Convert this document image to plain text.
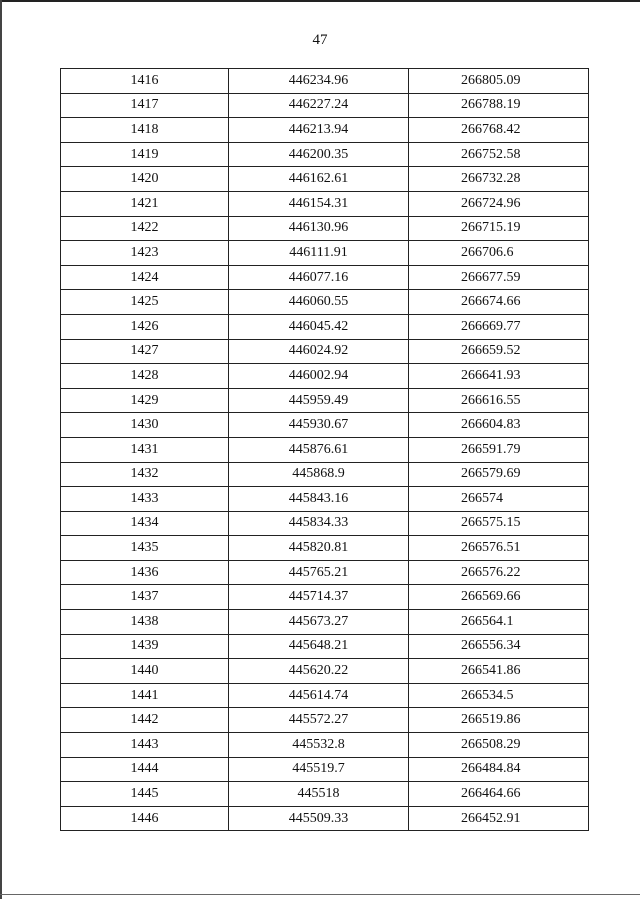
47
1416	446234.96	266805.09
1417	446227.24	266788.19
1418	446213.94	266768.42
1419	446200.35	266752.58
1420	446162.61	266732.28
1421	446154.31	266724.96
1422	446130.96	266715.19
1423	446111.91	266706.6
1424	446077.16	266677.59
1425	446060.55	266674.66
1426	446045.42	266669.77
1427	446024.92	266659.52
1428	446002.94	266641.93
1429	445959.49	266616.55
1430	445930.67	266604.83
1431	445876.61	266591.79
1432	445868.9	266579.69
1433	445843.16	266574
1434	445834.33	266575.15
1435	445820.81	266576.51
1436	445765.21	266576.22
1437	445714.37	266569.66
1438	445673.27	266564.1
1439	445648.21	266556.34
1440	445620.22	266541.86
1441	445614.74	266534.5
1442	445572.27	266519.86
1443	445532.8	266508.29
1444	445519.7	266484.84
1445	445518	266464.66
1446	445509.33	266452.91
